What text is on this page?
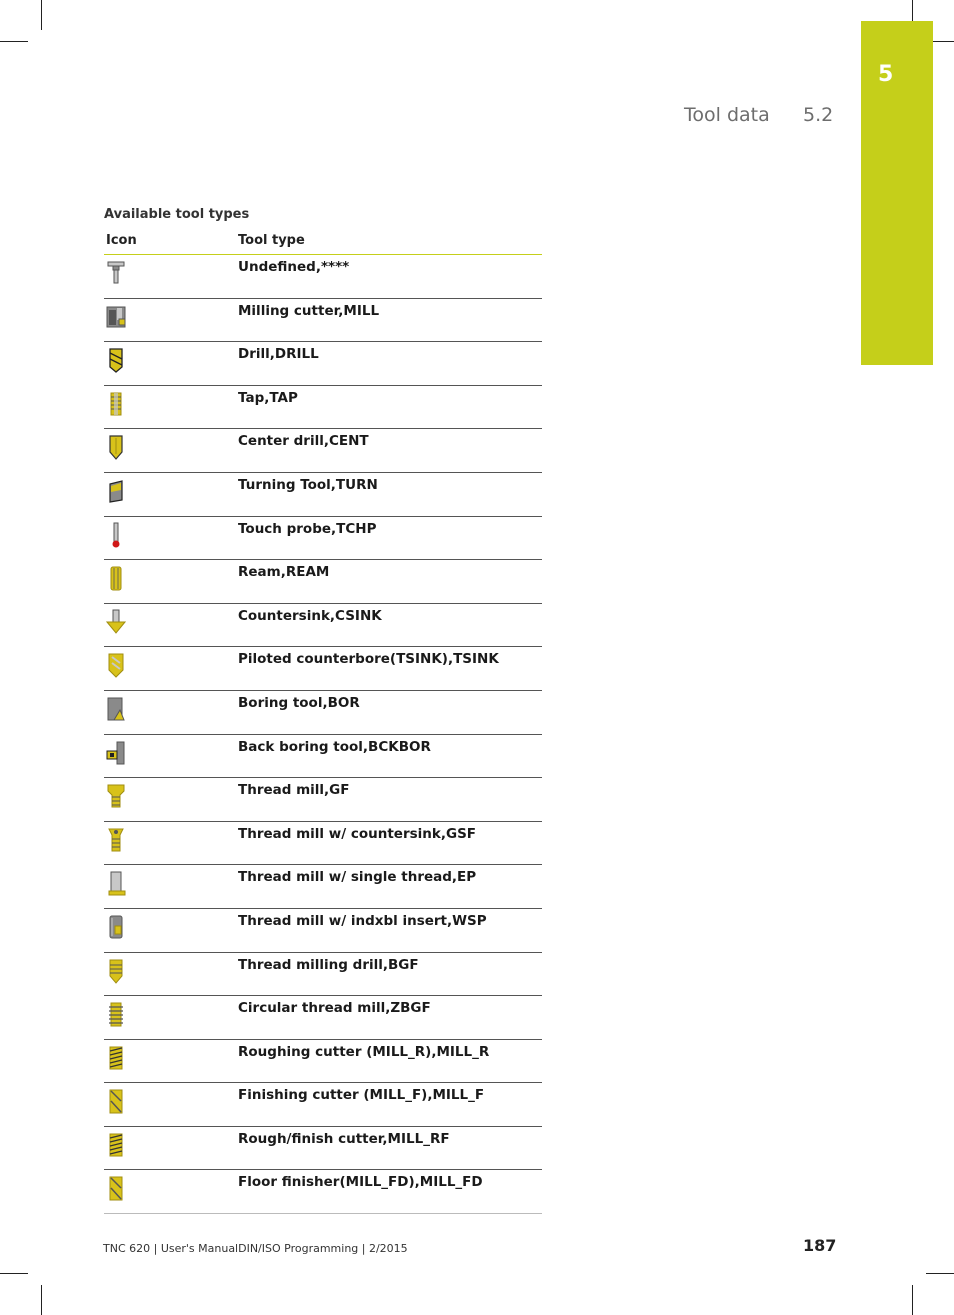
5
Tool data 5.2
Available tool types
Icon	Tool type
Undefined,****
Milling cutter,MILL
Drill,DRILL
Tap,TAP
Center drill,CENT
Turning Tool,TURN
Touch probe,TCHP
Ream,REAM
Countersink,CSINK
Piloted counterbore(TSINK),TSINK
Boring tool,BOR
Back boring tool,BCKBOR
Thread mill,GF
Thread mill w/ countersink,GSF
Thread mill w/ single thread,EP
Thread mill w/ indxbl insert,WSP
Thread milling drill,BGF
Circular thread mill,ZBGF
Roughing cutter (MILL_R),MILL_R
Finishing cutter (MILL_F),MILL_F
Rough/finish cutter,MILL_RF
Floor finisher(MILL_FD),MILL_FD
TNC 620 | User's ManualDIN/ISO Programming | 2/2015	187
